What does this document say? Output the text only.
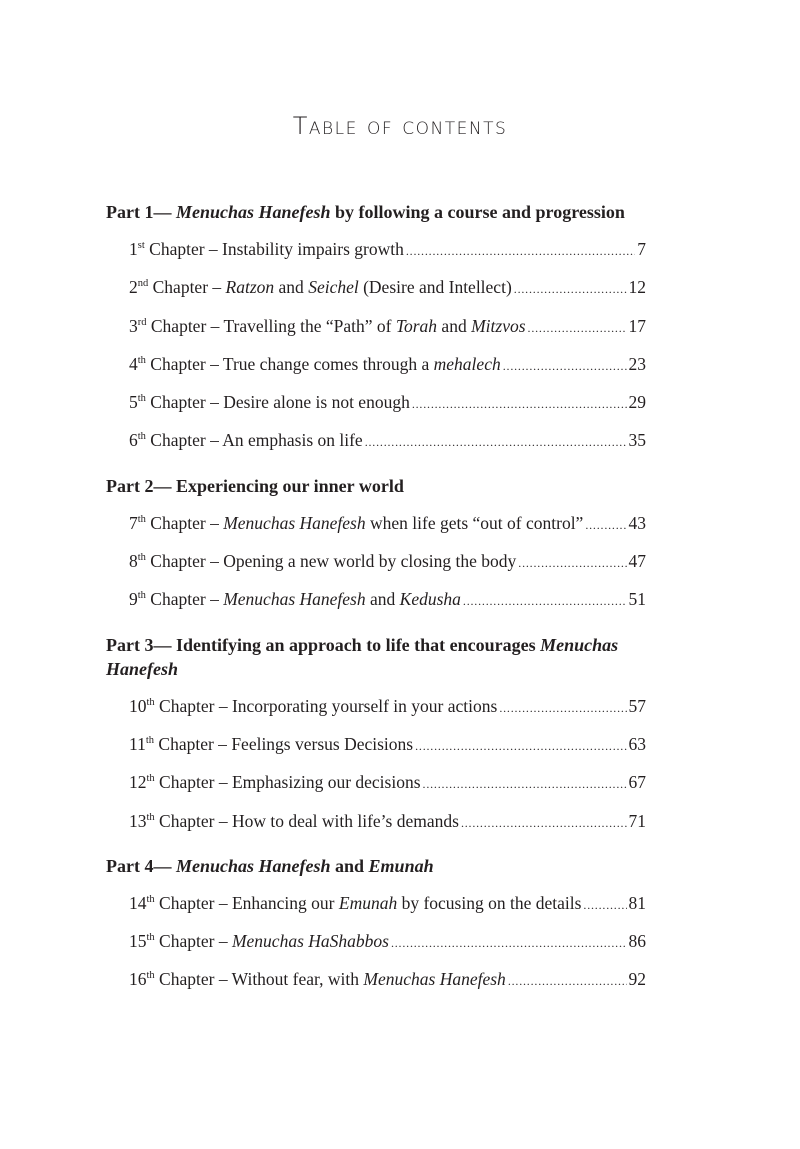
Table of contents
Part 1— Menuchas Hanefesh by following a course and progression
1st Chapter – Instability impairs growth .....	7
2nd Chapter – Ratzon and Seichel (Desire and Intellect) .....	12
3rd Chapter – Travelling the “Path” of Torah and Mitzvos .....	17
4th Chapter – True change comes through a mehalech .....	23
5th Chapter – Desire alone is not enough .....	29
6th Chapter – An emphasis on life .....	35
Part 2— Experiencing our inner world
7th Chapter – Menuchas Hanefesh when life gets “out of control” .....	43
8th Chapter – Opening a new world by closing the body .....	47
9th Chapter – Menuchas Hanefesh and Kedusha .....	51
Part 3— Identifying an approach to life that encourages Menuchas Hanefesh
10th Chapter – Incorporating yourself in your actions .....	57
11th Chapter – Feelings versus Decisions .....	63
12th Chapter – Emphasizing our decisions .....	67
13th Chapter – How to deal with life’s demands .....	71
Part 4— Menuchas Hanefesh and Emunah
14th Chapter – Enhancing our Emunah by focusing on the details .....	81
15th Chapter – Menuchas HaShabbos .....	86
16th Chapter – Without fear, with Menuchas Hanefesh .....	92
